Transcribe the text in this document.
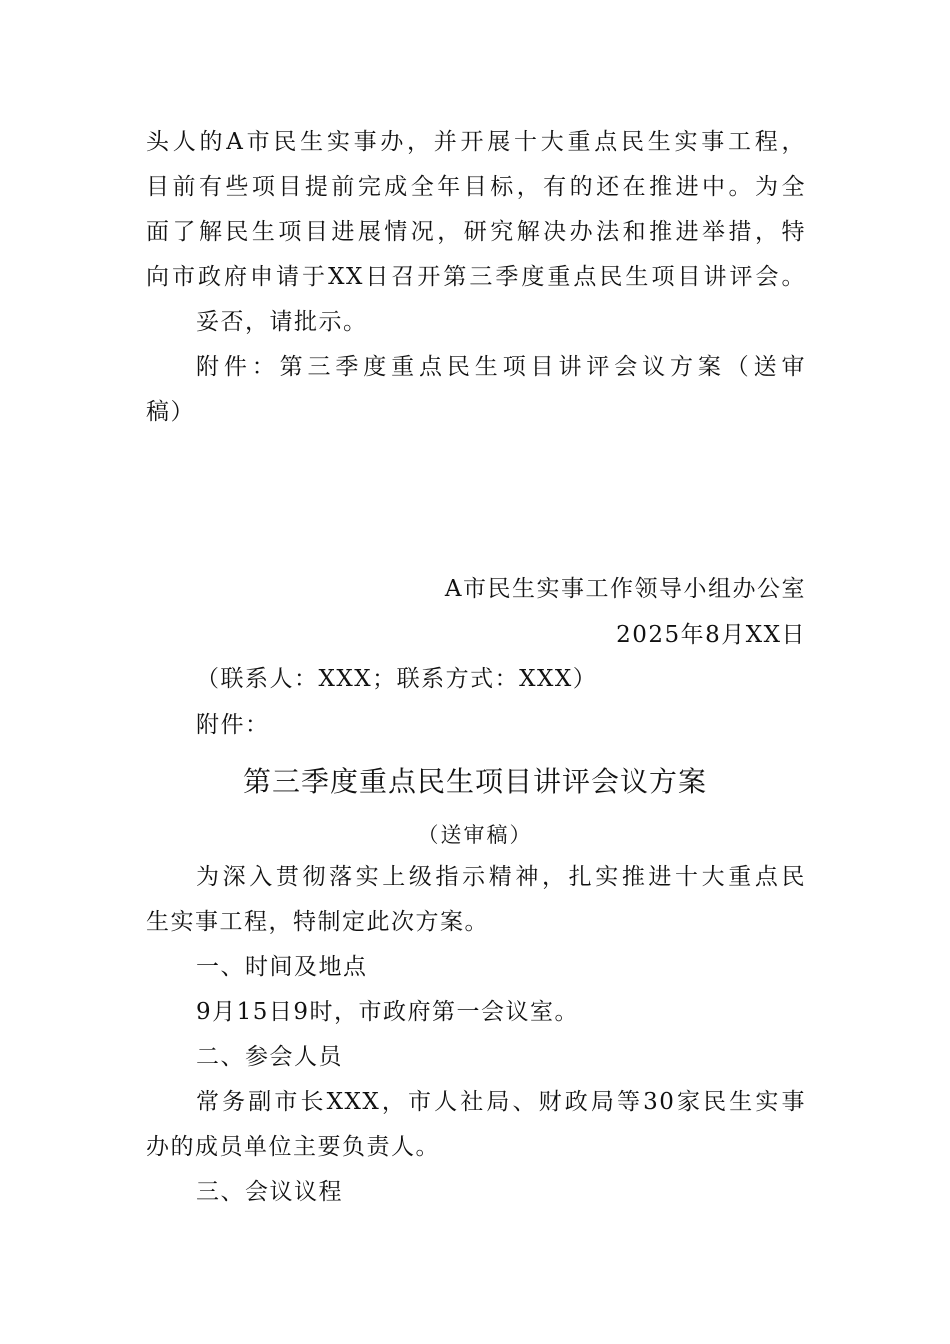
头人的A市民生实事办，并开展十大重点民生实事工程，
目前有些项目提前完成全年目标，有的还在推进中。为全
面了解民生项目进展情况，研究解决办法和推进举措，特
向市政府申请于XX日召开第三季度重点民生项目讲评会。
妥否，请批示。
附件：第三季度重点民生项目讲评会议方案（送审
稿）
A市民生实事工作领导小组办公室
2025年8月XX日
（联系人：XXX；联系方式：XXX）
附件：
第三季度重点民生项目讲评会议方案
（送审稿）
为深入贯彻落实上级指示精神，扎实推进十大重点民
生实事工程，特制定此次方案。
一、时间及地点
9月15日9时，市政府第一会议室。
二、参会人员
常务副市长XXX，市人社局、财政局等30家民生实事
办的成员单位主要负责人。
三、会议议程
